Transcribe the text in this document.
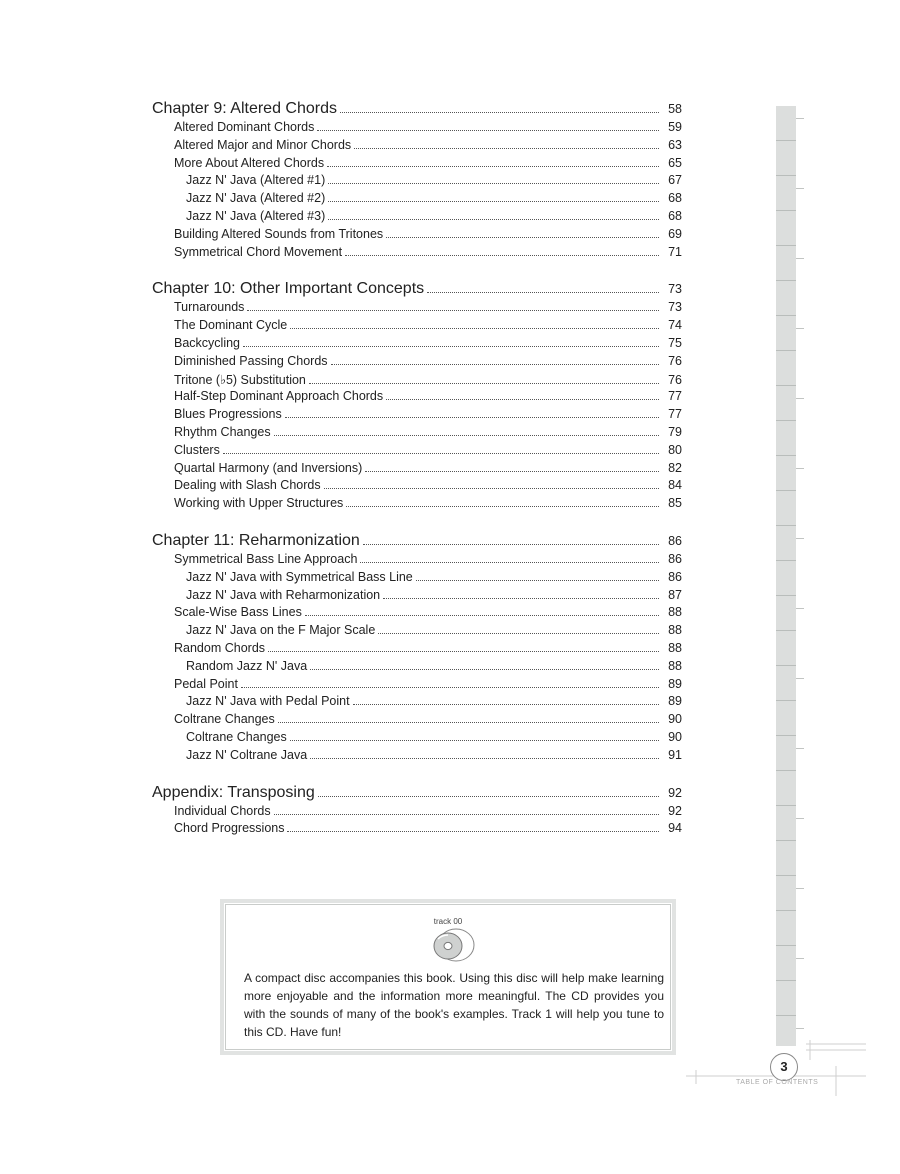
Chapter 9: Altered Chords	58
Altered Dominant Chords	59
Altered Major and Minor Chords	63
More About Altered Chords	65
Jazz N' Java (Altered #1)	67
Jazz N' Java (Altered #2)	68
Jazz N' Java (Altered #3)	68
Building Altered Sounds from Tritones	69
Symmetrical Chord Movement	71
Chapter 10: Other Important Concepts	73
Turnarounds	73
The Dominant Cycle	74
Backcycling	75
Diminished Passing Chords	76
Tritone (♭5) Substitution	76
Half-Step Dominant Approach Chords	77
Blues Progressions	77
Rhythm Changes	79
Clusters	80
Quartal Harmony (and Inversions)	82
Dealing with Slash Chords	84
Working with Upper Structures	85
Chapter 11: Reharmonization	86
Symmetrical Bass Line Approach	86
Jazz N' Java with Symmetrical Bass Line	86
Jazz N' Java with Reharmonization	87
Scale-Wise Bass Lines	88
Jazz N' Java on the F Major Scale	88
Random Chords	88
Random Jazz N' Java	88
Pedal Point	89
Jazz N' Java with Pedal Point	89
Coltrane Changes	90
Coltrane Changes	90
Jazz N' Coltrane Java	91
Appendix: Transposing	92
Individual Chords	92
Chord Progressions	94
track 00
A compact disc accompanies this book. Using this disc will help make learning more enjoyable and the information more meaningful. The CD provides you with the sounds of many of the book's examples. Track 1 will help you tune to this CD. Have fun!
3
TABLE OF CONTENTS
